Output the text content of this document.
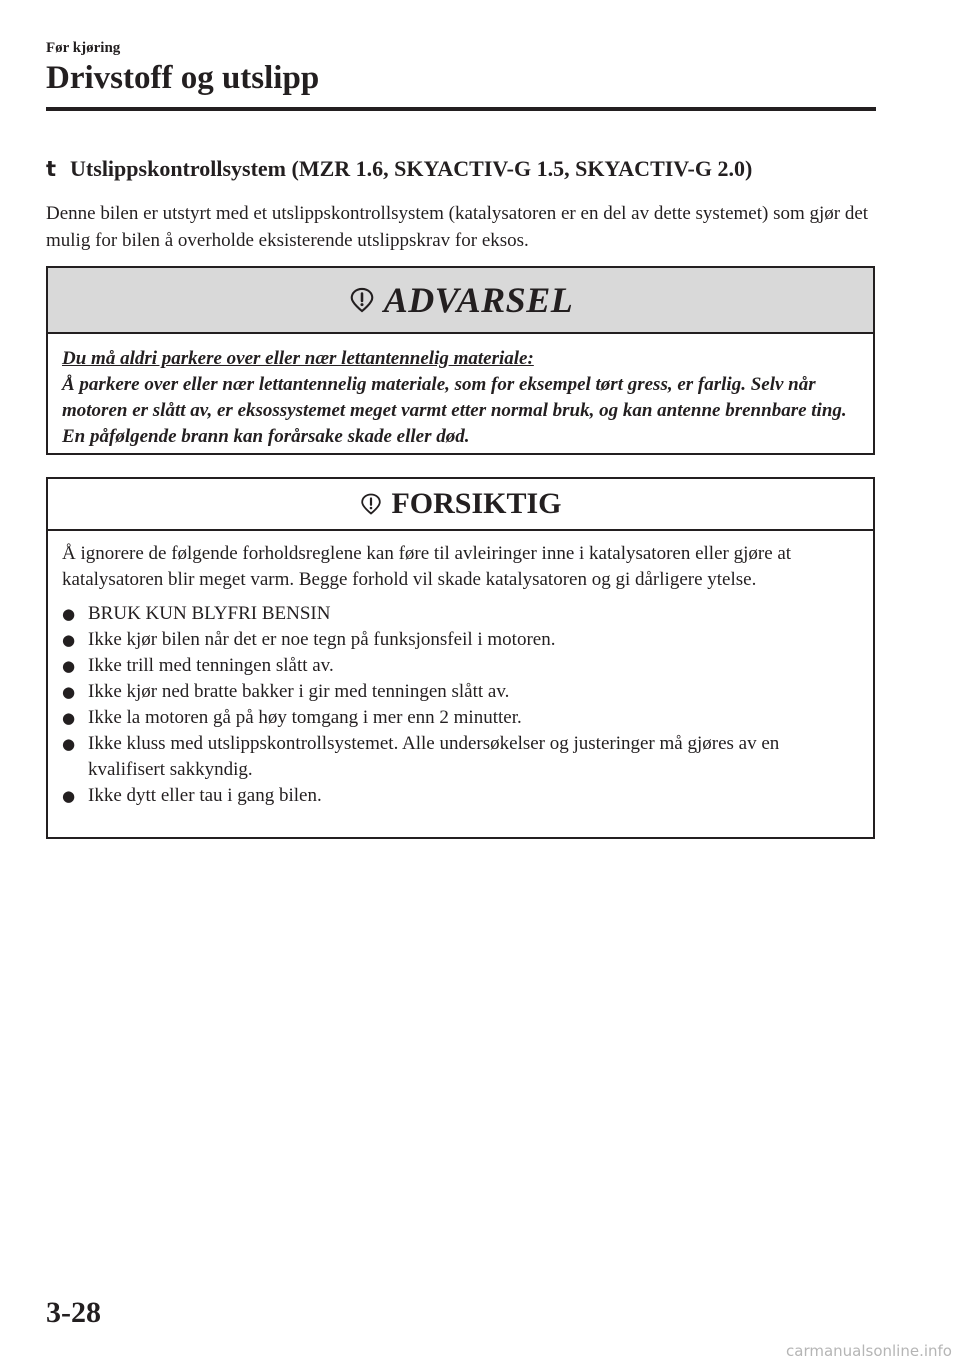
Før kjøring
Drivstoff og utslipp
t Utslippskontrollsystem (MZR 1.6, SKYACTIV-G 1.5, SKYACTIV-G 2.0)

Denne bilen er utstyrt med et utslippskontrollsystem (katalysatoren er en del av dette systemet) som gjør det mulig for bilen å overholde eksisterende utslippskrav for eksos.

ADVARSEL

Du må aldri parkere over eller nær lettantennelig materiale:

Å parkere over eller nær lettantennelig materiale, som for eksempel tørt gress, er farlig. Selv når motoren er slått av, er eksossystemet meget varmt etter normal bruk, og kan antenne brennbare ting. En påfølgende brann kan forårsake skade eller død.

FORSIKTIG

Å ignorere de følgende forholdsreglene kan føre til avleiringer inne i katalysatoren eller gjøre at katalysatoren blir meget varm. Begge forhold vil skade katalysatoren og gi dårligere ytelse.

● BRUK KUN BLYFRI BENSIN
● Ikke kjør bilen når det er noe tegn på funksjonsfeil i motoren.
● Ikke trill med tenningen slått av.
● Ikke kjør ned bratte bakker i gir med tenningen slått av.
● Ikke la motoren gå på høy tomgang i mer enn 2 minutter.
● Ikke kluss med utslippskontrollsystemet. Alle undersøkelser og justeringer må gjøres av en kvalifisert sakkyndig.
● Ikke dytt eller tau i gang bilen.
3-28
carmanualsonline.info
